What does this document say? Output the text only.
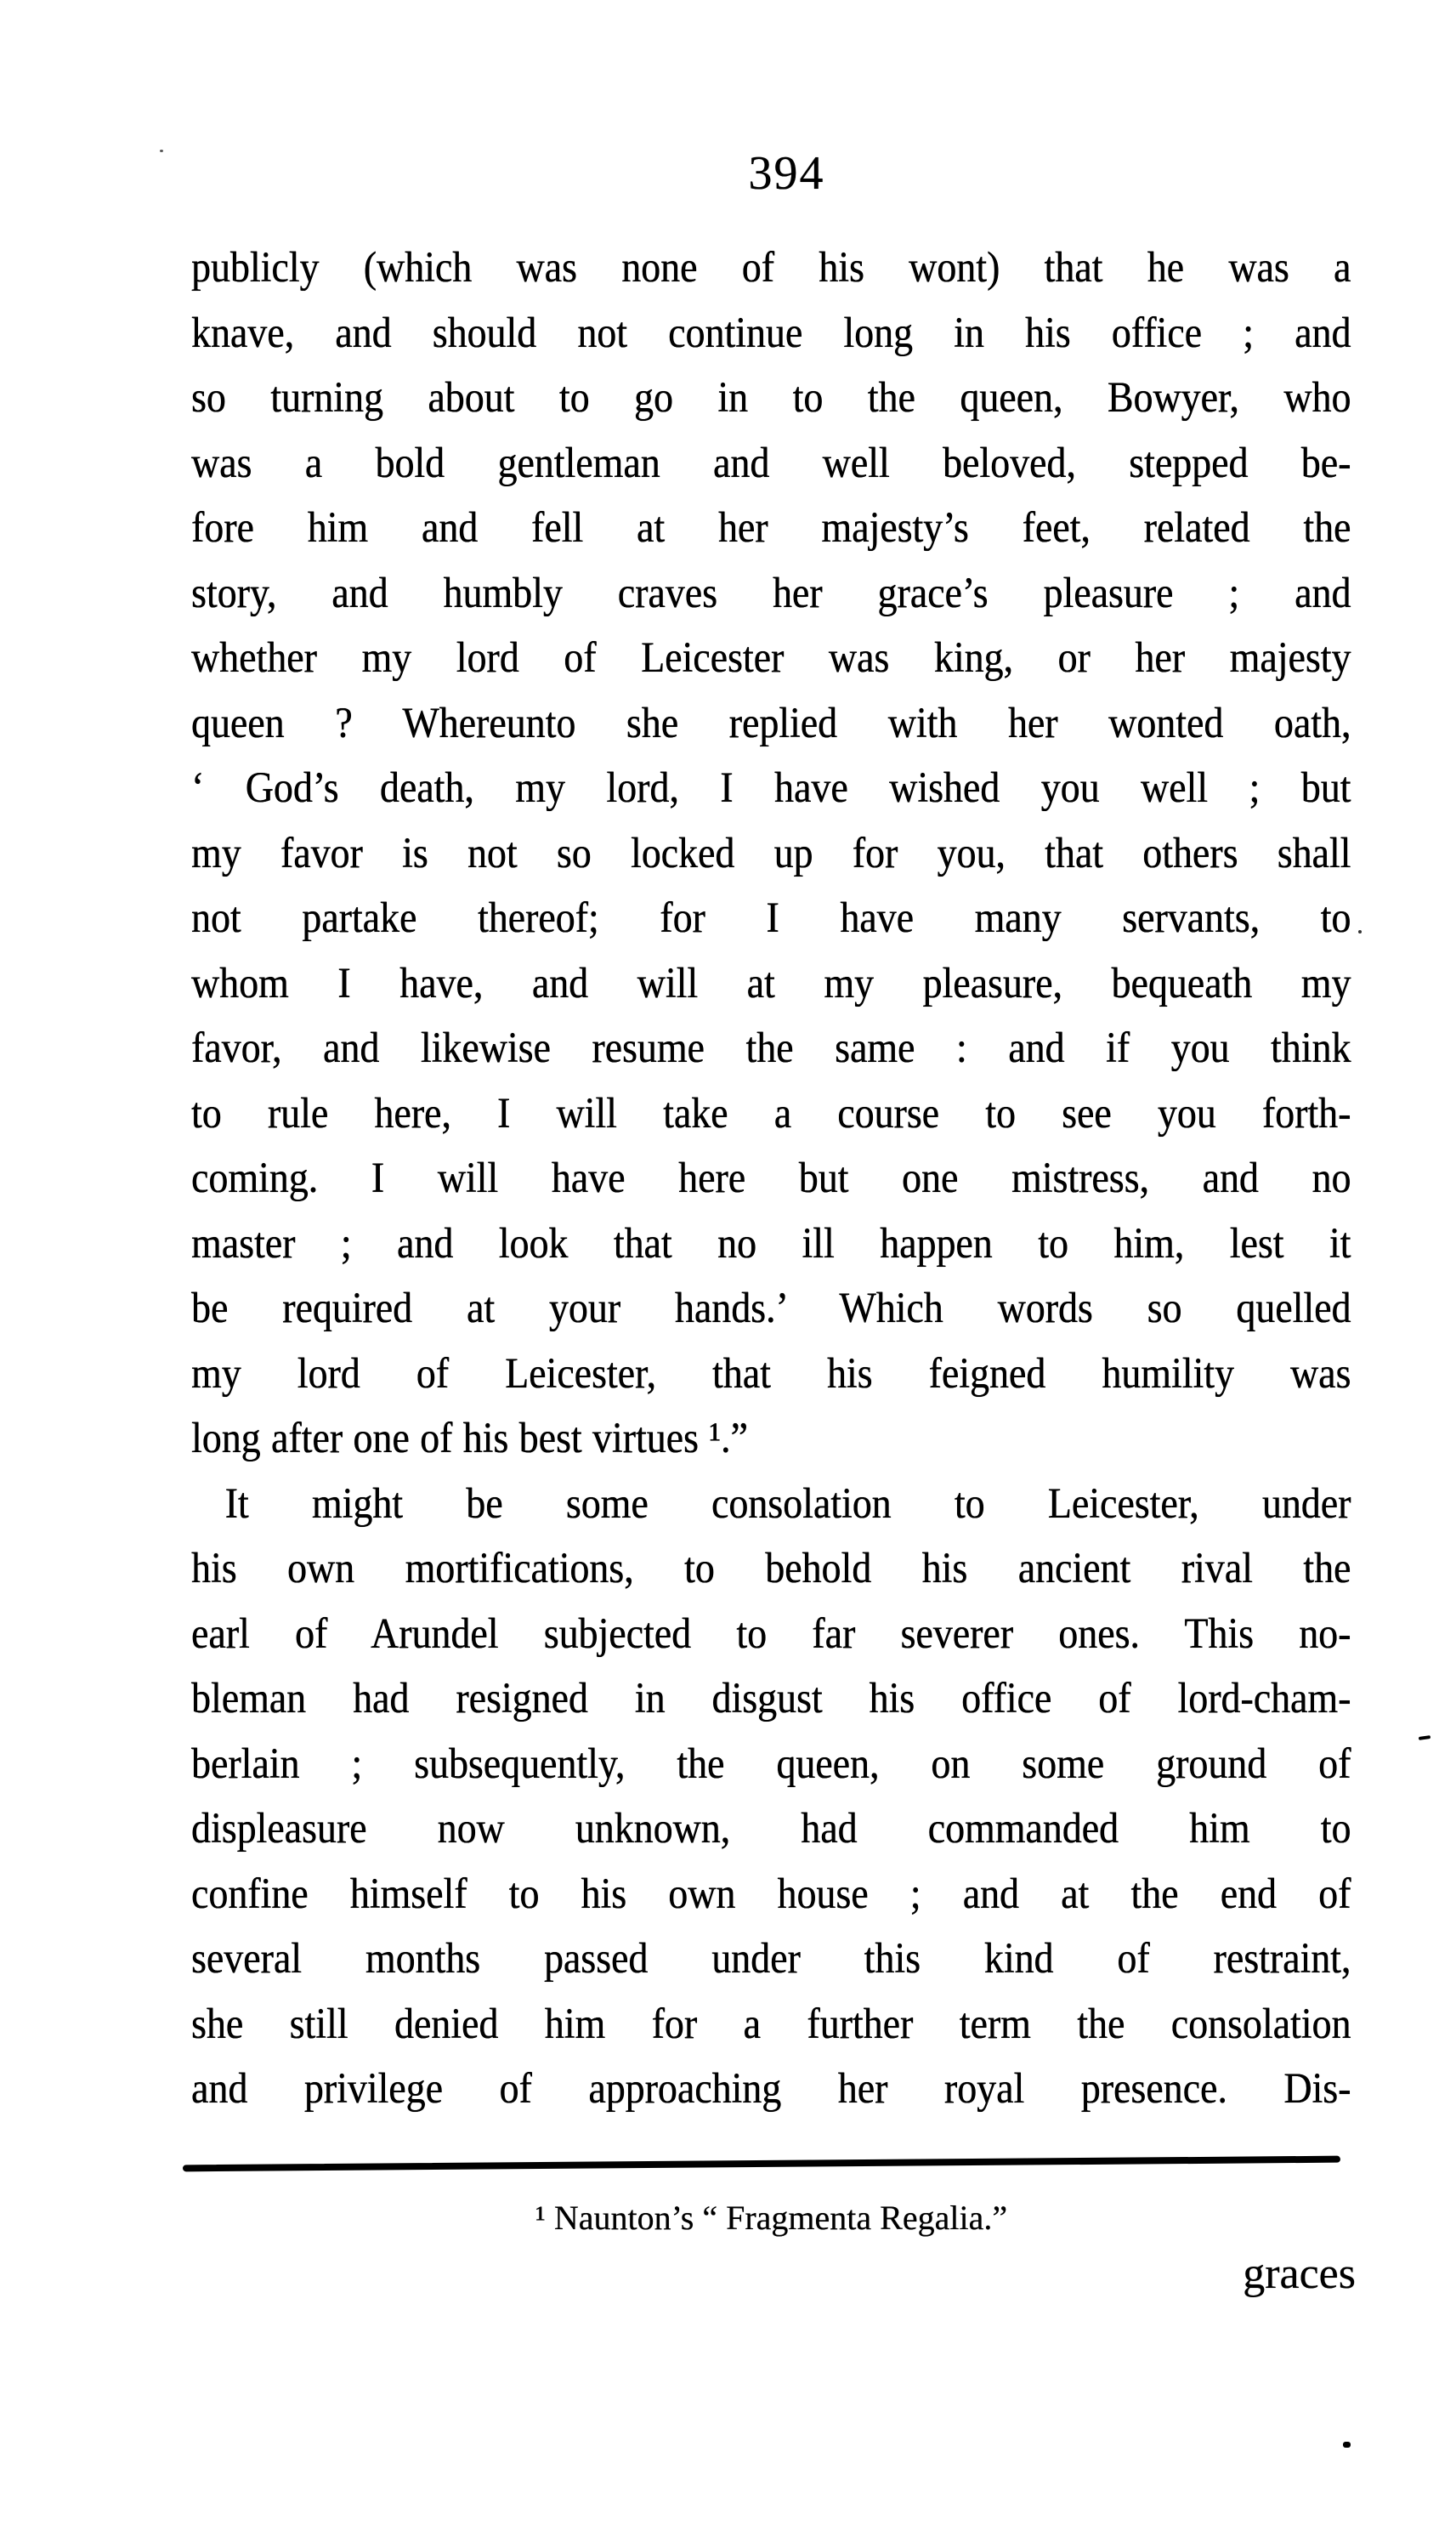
394
publicly (which was none of his wont) that he was a
knave, and should not continue long in his office ; and
so turning about to go in to the queen, Bowyer, who
was a bold gentleman and well beloved, stepped be-
fore him and fell at her majesty’s feet, related the
story, and humbly craves her grace’s pleasure ; and
whether my lord of Leicester was king, or her majesty
queen ? Whereunto she replied with her wonted oath,
‘ God’s death, my lord, I have wished you well ; but
my favor is not so locked up for you, that others shall
not partake thereof; for I have many servants, to
whom I have, and will at my pleasure, bequeath my
favor, and likewise resume the same : and if you think
to rule here, I will take a course to see you forth-
coming. I will have here but one mistress, and no
master ; and look that no ill happen to him, lest it
be required at your hands.’ Which words so quelled
my lord of Leicester, that his feigned humility was
long after one of his best virtues ¹.”
It might be some consolation to Leicester, under
his own mortifications, to behold his ancient rival the
earl of Arundel subjected to far severer ones. This no-
bleman had resigned in disgust his office of lord-cham-
berlain ; subsequently, the queen, on some ground of
displeasure now unknown, had commanded him to
confine himself to his own house ; and at the end of
several months passed under this kind of restraint,
she still denied him for a further term the consolation
and privilege of approaching her royal presence. Dis-
¹ Naunton’s “ Fragmenta Regalia.”
graces
